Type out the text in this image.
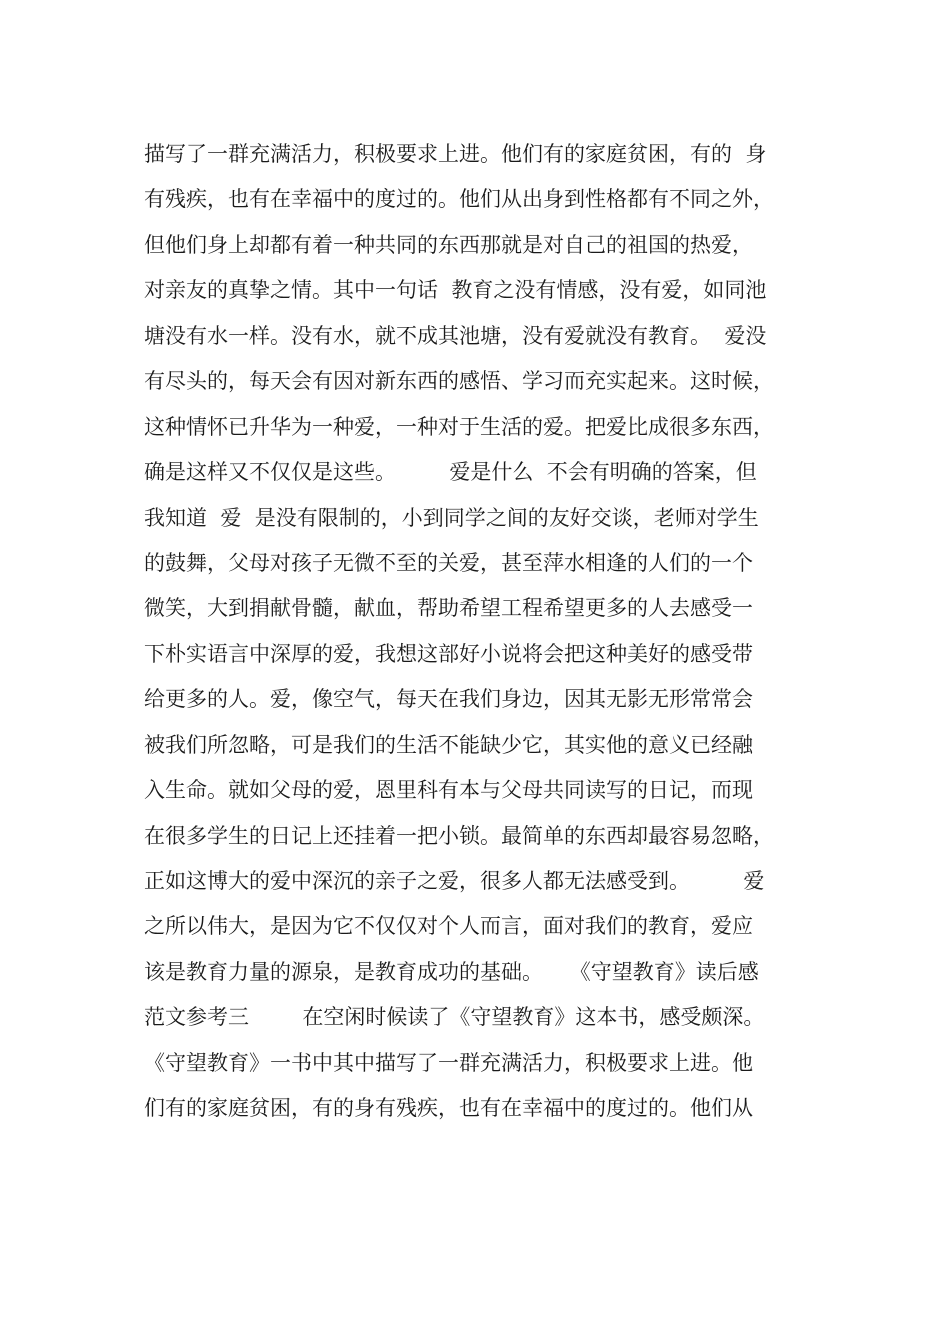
描写了一群充满活力，积极要求上进。他们有的家庭贫困，有的  身
有残疾，也有在幸福中的度过的。他们从出身到性格都有不同之外，
但他们身上却都有着一种共同的东西那就是对自己的祖国的热爱，
对亲友的真挚之情。其中一句话  教育之没有情感，没有爱，如同池
塘没有水一样。没有水，就不成其池塘，没有爱就没有教育。  爱没
有尽头的，每天会有因对新东西的感悟、学习而充实起来。这时候，
这种情怀已升华为一种爱，一种对于生活的爱。把爱比成很多东西，
确是这样又不仅仅是这些。        爱是什么  不会有明确的答案，但
我知道  爱  是没有限制的，小到同学之间的友好交谈，老师对学生
的鼓舞，父母对孩子无微不至的关爱，甚至萍水相逢的人们的一个
微笑，大到捐献骨髓，献血，帮助希望工程希望更多的人去感受一
下朴实语言中深厚的爱，我想这部好小说将会把这种美好的感受带
给更多的人。爱，像空气，每天在我们身边，因其无影无形常常会
被我们所忽略，可是我们的生活不能缺少它，其实他的意义已经融
入生命。就如父母的爱，恩里科有本与父母共同读写的日记，而现
在很多学生的日记上还挂着一把小锁。最简单的东西却最容易忽略，
正如这博大的爱中深沉的亲子之爱，很多人都无法感受到。        爱
之所以伟大，是因为它不仅仅对个人而言，面对我们的教育，爱应
该是教育力量的源泉，是教育成功的基础。    《守望教育》读后感
范文参考三        在空闲时候读了《守望教育》这本书，感受颇深。
《守望教育》一书中其中描写了一群充满活力，积极要求上进。他
们有的家庭贫困，有的身有残疾，也有在幸福中的度过的。他们从
